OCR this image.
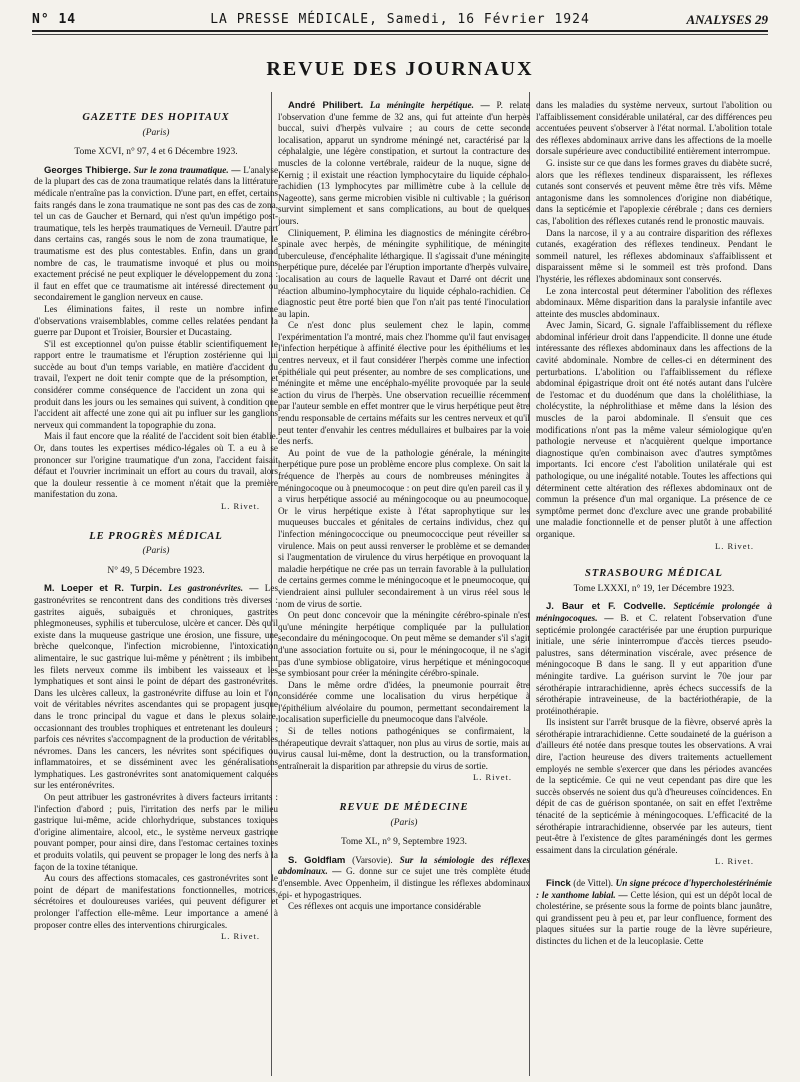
N° 14	LA PRESSE MÉDICALE, Samedi, 16 Février 1924	ANALYSES 29
REVUE DES JOURNAUX
GAZETTE DES HOPITAUX
(Paris)
Tome XCVI, n° 97, 4 et 6 Décembre 1923.

Georges Thibierge. Sur le zona traumatique. — L'analyse de la plupart des cas de zona traumatique relatés dans la littérature médicale n'entraîne pas la conviction. D'une part, en effet, certains faits rangés dans le zona traumatique ne sont pas des cas de zona, tel un cas de Gaucher et Bernard, qui n'est qu'un impétigo post-traumatique, tels les herpès traumatiques de Verneuil. D'autre part dans certains cas, rangés sous le nom de zona traumatique, le traumatisme est des plus contestables. Enfin, dans un grand nombre de cas, le traumatisme invoqué et plus ou moins exactement précisé ne peut expliquer le développement du zona : il faut en effet que ce traumatisme ait intéressé directement ou secondairement le ganglion nerveux en cause.

Les éliminations faites, il reste un nombre infime d'observations vraisemblables, comme celles relatées pendant la guerre par Dupont et Troisier, Boursier et Ducastaing.

S'il est exceptionnel qu'on puisse établir scientifiquement le rapport entre le traumatisme et l'éruption zostérienne qui lui succède au bout d'un temps variable, en matière d'accident du travail, l'expert ne doit tenir compte que de la présomption, et considérer comme conséquence de l'accident un zona qui se produit dans les jours ou les semaines qui suivent, à condition que l'accident ait affecté une zone qui ait pu influer sur les ganglions nerveux qui commandent la topographie du zona.

Mais il faut encore que la réalité de l'accident soit bien établie. Or, dans toutes les expertises médico-légales où T. a eu à se prononcer sur l'origine traumatique d'un zona, l'accident faisait défaut et l'ouvrier incriminait un effort au cours du travail, alors que la douleur ressentie à ce moment n'était que la première manifestation du zona.

L. Rivet.
LE PROGRÈS MÉDICAL
(Paris)
N° 49, 5 Décembre 1923.

M. Loeper et R. Turpin. Les gastronévrites. — Les gastronévrites se rencontrent dans des conditions très diverses : gastrites aiguës, subaiguës et chroniques, gastrites phlegmoneuses, syphilis et tuberculose, ulcère et cancer. Dès qu'il existe dans la muqueuse gastrique une érosion, une fissure, une brèche quelconque, l'infection microbienne, l'intoxication alimentaire, le suc gastrique lui-même y pénètrent ; ils imbibent les filets nerveux comme ils imbibent les vaisseaux et les lymphatiques et sont ainsi le point de départ des gastronévrites. Dans les ulcères calleux, la gastronévrite diffuse au loin et l'on voit de véritables névrites ascendantes qui se propagent jusque dans le tronc principal du vague et dans le plexus solaire, occasionnant des troubles trophiques et entretenant les douleurs ; parfois ces névrites s'accompagnent de la production de véritables névromes. Dans les cancers, les névrites sont spécifiques ou inflammatoires, et se disséminent avec les généralisations lymphatiques. Les gastronévrites sont anatomiquement calquées sur les entéronévrites.

On peut attribuer les gastronévrites à divers facteurs irritants : l'infection d'abord ; puis, l'irritation des nerfs par le milieu gastrique lui-même, acide chlorhydrique, substances toxiques d'origine alimentaire, alcool, etc., le système nerveux gastrique pouvant pomper, pour ainsi dire, dans l'estomac certaines toxines et produits volatils, qui peuvent se propager le long des nerfs à la façon de la toxine tétanique.

Au cours des affections stomacales, ces gastronévrites sont le point de départ de manifestations fonctionnelles, motrices, sécrétoires et douloureuses variées, qui peuvent défigurer et prolonger l'affection elle-même. Leur importance a amené à proposer contre elles des interventions chirurgicales.

L. Rivet.

André Philibert. La méningite herpétique. — P. relate l'observation d'une femme de 32 ans, qui fut atteinte d'un herpès buccal, suivi d'herpès vulvaire ; au cours de cette seconde localisation, apparut un syndrome méningé net, caractérisé par la céphalalgie, une légère constipation, et surtout la contracture des muscles de la colonne vertébrale, raideur de la nuque, signe de Kernig ; il existait une réaction lymphocytaire du liquide céphalo-rachidien (13 lymphocytes par millimètre cube à la cellule de Nageotte), sans germe microbien visible ni cultivable ; la guérison survint simplement et sans complications, au bout de quelques jours.

Cliniquement, P. élimina les diagnostics de méningite cérébro-spinale avec herpès, de méningite syphilitique, de méningite tuberculeuse, d'encéphalite léthargique. Il s'agissait d'une méningite herpétique pure, décelée par l'éruption importante d'herpès vulvaire, localisation au cours de laquelle Ravaut et Darré ont décrit une réaction albumino-lymphocytaire du liquide céphalo-rachidien. Ce diagnostic peut être porté bien que l'on n'ait pas tenté l'inoculation au lapin.

Ce n'est donc plus seulement chez le lapin, comme l'expérimentation l'a montré, mais chez l'homme qu'il faut envisager l'infection herpétique à affinité élective pour les épithéliums et les centres nerveux, et il faut considérer l'herpès comme une infection épithéliale qui peut présenter, au nombre de ses complications, une méningite et même une encéphalo-myélite provoquée par la seule action du virus de l'herpès. Une observation recueillie récemment par l'auteur semble en effet montrer que le virus herpétique peut être rendu responsable de certains méfaits sur les centres nerveux et qu'il peut tenter d'envahir les centres médullaires et bulbaires par la voie des nerfs.

Au point de vue de la pathologie générale, la méningite herpétique pure pose un problème encore plus complexe. On sait la fréquence de l'herpès au cours de nombreuses méningites à méningocoque ou à pneumocoque : on peut dire qu'en pareil cas il y a virus herpétique associé au méningocoque ou au pneumocoque. Or le virus herpétique existe à l'état saprophytique sur les muqueuses buccales et génitales de certains individus, chez qui l'infection méningococcique ou pneumococcique peut réveiller sa virulence. Mais on peut aussi renverser le problème et se demander si l'augmentation de virulence du virus herpétique en provoquant la maladie herpétique ne crée pas un terrain favorable à la pullulation de certains germes comme le méningocoque et le pneumocoque, qui viendraient ainsi pulluler secondairement à un virus réel sous le nom de virus de sortie.

On peut donc concevoir que la méningite cérébro-spinale n'est qu'une méningite herpétique compliquée par la pullulation secondaire du méningocoque. On peut même se demander s'il s'agit d'une association fortuite ou si, pour le méningocoque, il ne s'agit pas d'une symbiose obligatoire, virus herpétique et méningocoque se symbiosant pour créer la méningite cérébro-spinale.

Dans le même ordre d'idées, la pneumonie pourrait être considérée comme une localisation du virus herpétique à l'épithélium alvéolaire du poumon, permettant secondairement la localisation superficielle du pneumocoque dans l'alvéole.

Si de telles notions pathogéniques se confirmaient, la thérapeutique devrait s'attaquer, non plus au virus de sortie, mais au virus causal lui-même, dont la destruction, ou la transformation, entraînerait la disparition par athrepsie du virus de sortie.

L. Rivet.
REVUE DE MÉDECINE
(Paris)
Tome XL, n° 9, Septembre 1923.

S. Goldflam (Varsovie). Sur la sémiologie des réflexes abdominaux. — G. donne sur ce sujet une très complète étude d'ensemble. Avec Oppenheim, il distingue les réflexes abdominaux épi- et hypogastriques.

Ces réflexes ont acquis une importance considérable

dans les maladies du système nerveux, surtout l'abolition ou l'affaiblissement considérable unilatéral, car des différences peu accentuées peuvent s'observer à l'état normal. L'abolition totale des réflexes abdominaux arrive dans les affections de la moelle dorsale supérieure avec conductibilité entièrement interrompue.

G. insiste sur ce que dans les formes graves du diabète sucré, alors que les réflexes tendineux disparaissent, les réflexes cutanés sont conservés et peuvent même être très vifs. Même antagonisme dans les somnolences d'origine non diabétique, dans la septicémie et l'apoplexie cérébrale ; dans ces derniers cas, l'abolition des réflexes cutanés rend le pronostic mauvais.

Dans la narcose, il y a au contraire disparition des réflexes cutanés, exagération des réflexes tendineux. Pendant le sommeil naturel, les réflexes abdominaux s'affaiblissent et disparaissent même si le sommeil est très profond. Dans l'hystérie, les réflexes abdominaux sont conservés.

Le zona intercostal peut déterminer l'abolition des réflexes abdominaux. Même disparition dans la paralysie infantile avec atteinte des muscles abdominaux.

Avec Jamin, Sicard, G. signale l'affaiblissement du réflexe abdominal inférieur droit dans l'appendicite. Il donne une étude intéressante des réflexes abdominaux dans les affections de la cavité abdominale. Nombre de celles-ci en déterminent des perturbations. L'abolition ou l'affaiblissement du réflexe abdominal épigastrique droit ont été notés autant dans l'ulcère de l'estomac et du duodénum que dans la cholélithiase, la cholécystite, la néphrolithiase et même dans la lésion des muscles de la paroi abdominale. Il s'ensuit que ces modifications n'ont pas la même valeur sémiologique qu'en pathologie nerveuse et n'acquièrent quelque importance diagnostique qu'en combinaison avec d'autres symptômes importants. Ici encore c'est l'abolition unilatérale qui est pathologique, ou une inégalité notable. Toutes les affections qui déterminent cette altération des réflexes abdominaux ont de commun la présence d'un mal organique. La présence de ce symptôme permet donc d'exclure avec une grande probabilité une maladie fonctionnelle et de penser plutôt à une affection organique.

L. Rivet.
STRASBOURG MÉDICAL
Tome LXXXI, n° 19, 1er Décembre 1923.

J. Baur et F. Codvelle. Septicémie prolongée à méningocoques. — B. et C. relatent l'observation d'une septicémie prolongée caractérisée par une éruption purpurique initiale, une série ininterrompue d'accès tierces pseudo-palustres, sans détermination viscérale, avec présence de méningocoque B dans le sang. Il y eut apparition d'une méningite tardive. La guérison survint le 70e jour par sérothérapie intrarachidienne, après échecs successifs de la sérothérapie intraveineuse, de la bactériothérapie, de la protéinothérapie.

Ils insistent sur l'arrêt brusque de la fièvre, observé après la sérothérapie intrarachidienne. Cette soudaineté de la guérison a d'ailleurs été notée dans presque toutes les observations. A vrai dire, l'action heureuse des divers traitements actuellement employés ne semble s'exercer que dans les périodes avancées de la septicémie. Ce qui ne veut cependant pas dire que les succès observés ne soient dus qu'à d'heureuses coïncidences. En dépit de cas de guérison spontanée, on sait en effet l'extrême ténacité de la septicémie à méningocoques. L'efficacité de la sérothérapie intrarachidienne, observée par les auteurs, tient peut-être à l'existence de gîtes paraméningés dont les germes essaiment dans la circulation générale.

L. Rivet.

Finck (de Vittel). Un signe précoce d'hypercholestérinémie : le xanthome labial. — Cette lésion, qui est un dépôt local de cholestérine, se présente sous la forme de points blanc jaunâtre, qui grandissent peu à peu et, par leur confluence, forment des plaques situées sur la partie rouge de la lèvre supérieure, distinctes du lichen et de la leucoplasie. Cette
